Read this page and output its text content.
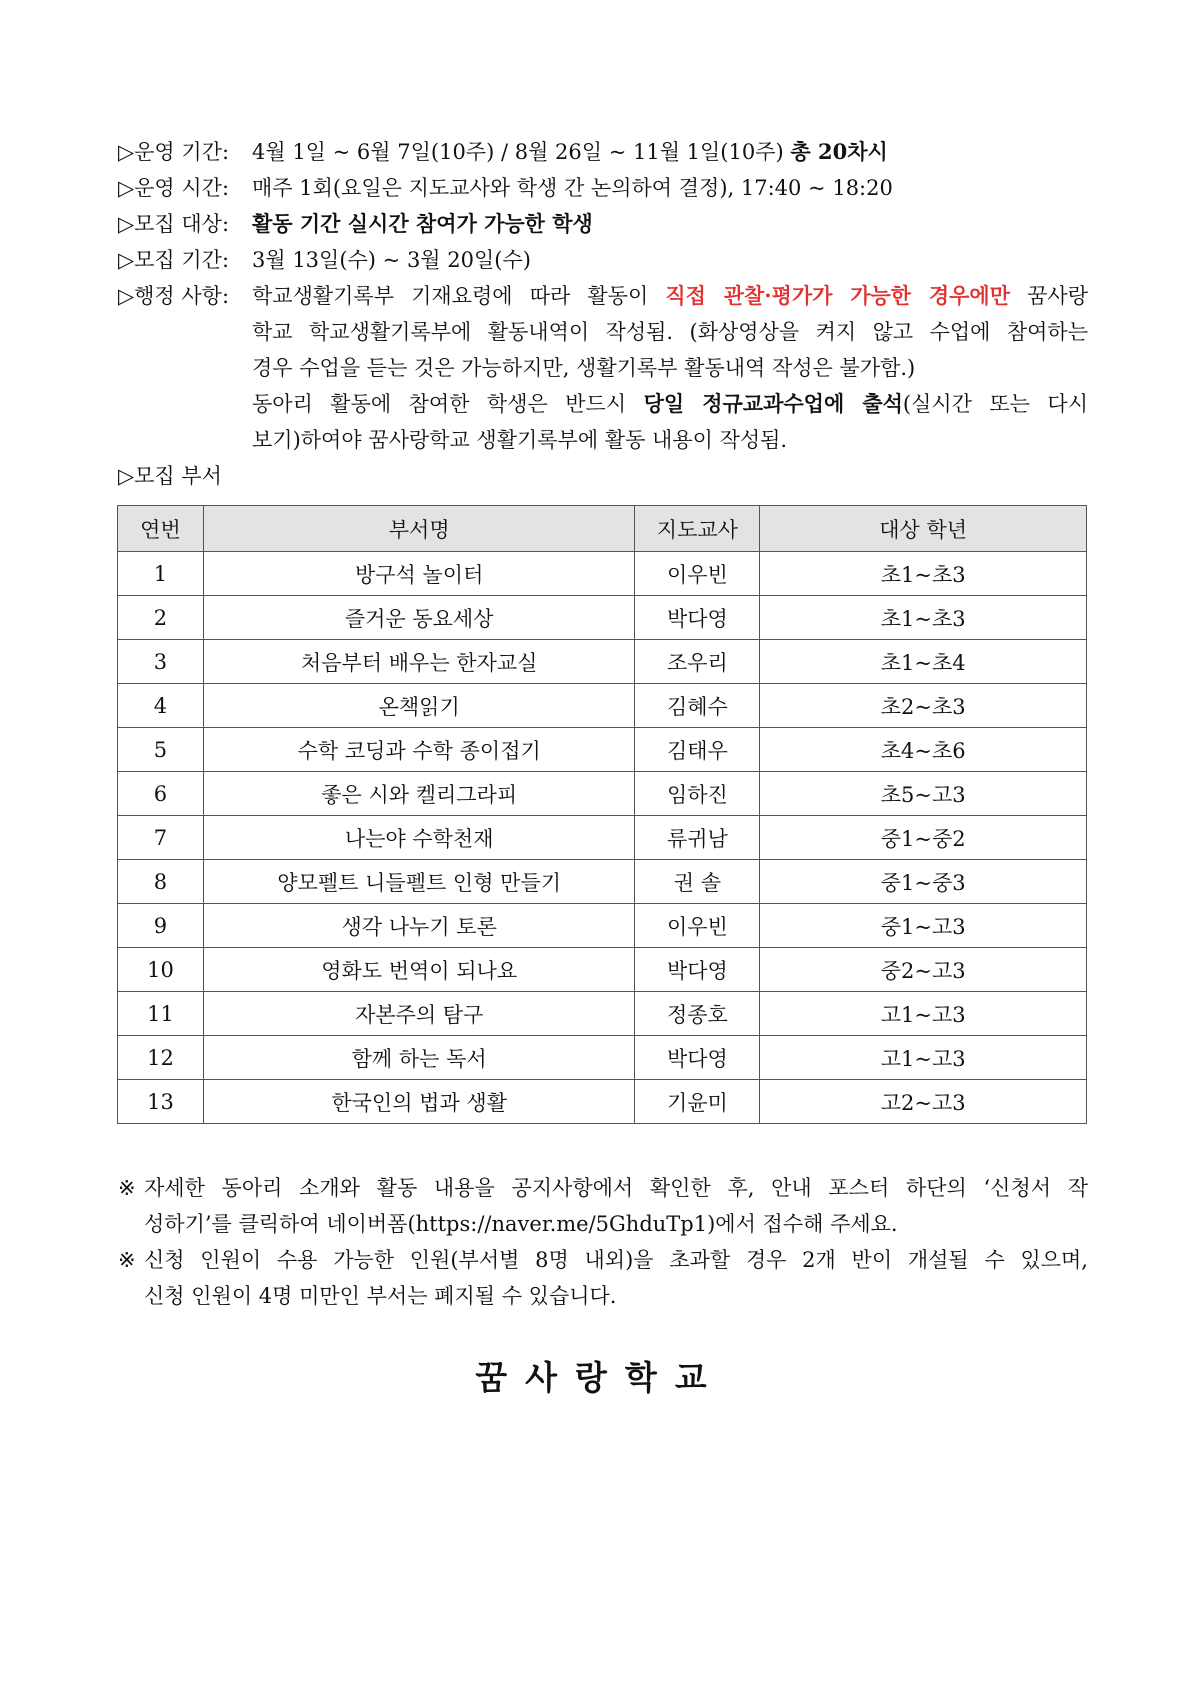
▷운영 기간:	4월 1일 ~ 6월 7일(10주) / 8월 26일 ~ 11월 1일(10주) 총 20차시
▷운영 시간:	매주 1회(요일은 지도교사와 학생 간 논의하여 결정), 17:40 ~ 18:20
▷모집 대상:	활동 기간 실시간 참여가 가능한 학생
▷모집 기간:	3월 13일(수) ~ 3월 20일(수)
▷행정 사항:	학교생활기록부 기재요령에 따라 활동이 직접 관찰·평가가 가능한 경우에만 꿈사랑
학교 학교생활기록부에 활동내역이 작성됨. (화상영상을 켜지 않고 수업에 참여하는
경우 수업을 듣는 것은 가능하지만, 생활기록부 활동내역 작성은 불가함.)
동아리 활동에 참여한 학생은 반드시 당일 정규교과수업에 출석(실시간 또는 다시
보기)하여야 꿈사랑학교 생활기록부에 활동 내용이 작성됨.
▷모집 부서
연번	부서명	지도교사	대상 학년
1	방구석 놀이터	이우빈	초1~초3
2	즐거운 동요세상	박다영	초1~초3
3	처음부터 배우는 한자교실	조우리	초1~초4
4	온책읽기	김혜수	초2~초3
5	수학 코딩과 수학 종이접기	김태우	초4~초6
6	좋은 시와 켈리그라피	임하진	초5~고3
7	나는야 수학천재	류귀남	중1~중2
8	양모펠트 니들펠트 인형 만들기	권 솔	중1~중3
9	생각 나누기 토론	이우빈	중1~고3
10	영화도 번역이 되나요	박다영	중2~고3
11	자본주의 탐구	정종호	고1~고3
12	함께 하는 독서	박다영	고1~고3
13	한국인의 법과 생활	기윤미	고2~고3
※ 자세한 동아리 소개와 활동 내용을 공지사항에서 확인한 후, 안내 포스터 하단의 ‘신청서 작
성하기’를 클릭하여 네이버폼(https://naver.me/5GhduTp1)에서 접수해 주세요.
※ 신청 인원이 수용 가능한 인원(부서별 8명 내외)을 초과할 경우 2개 반이 개설될 수 있으며,
신청 인원이 4명 미만인 부서는 폐지될 수 있습니다.
꿈사랑학교
